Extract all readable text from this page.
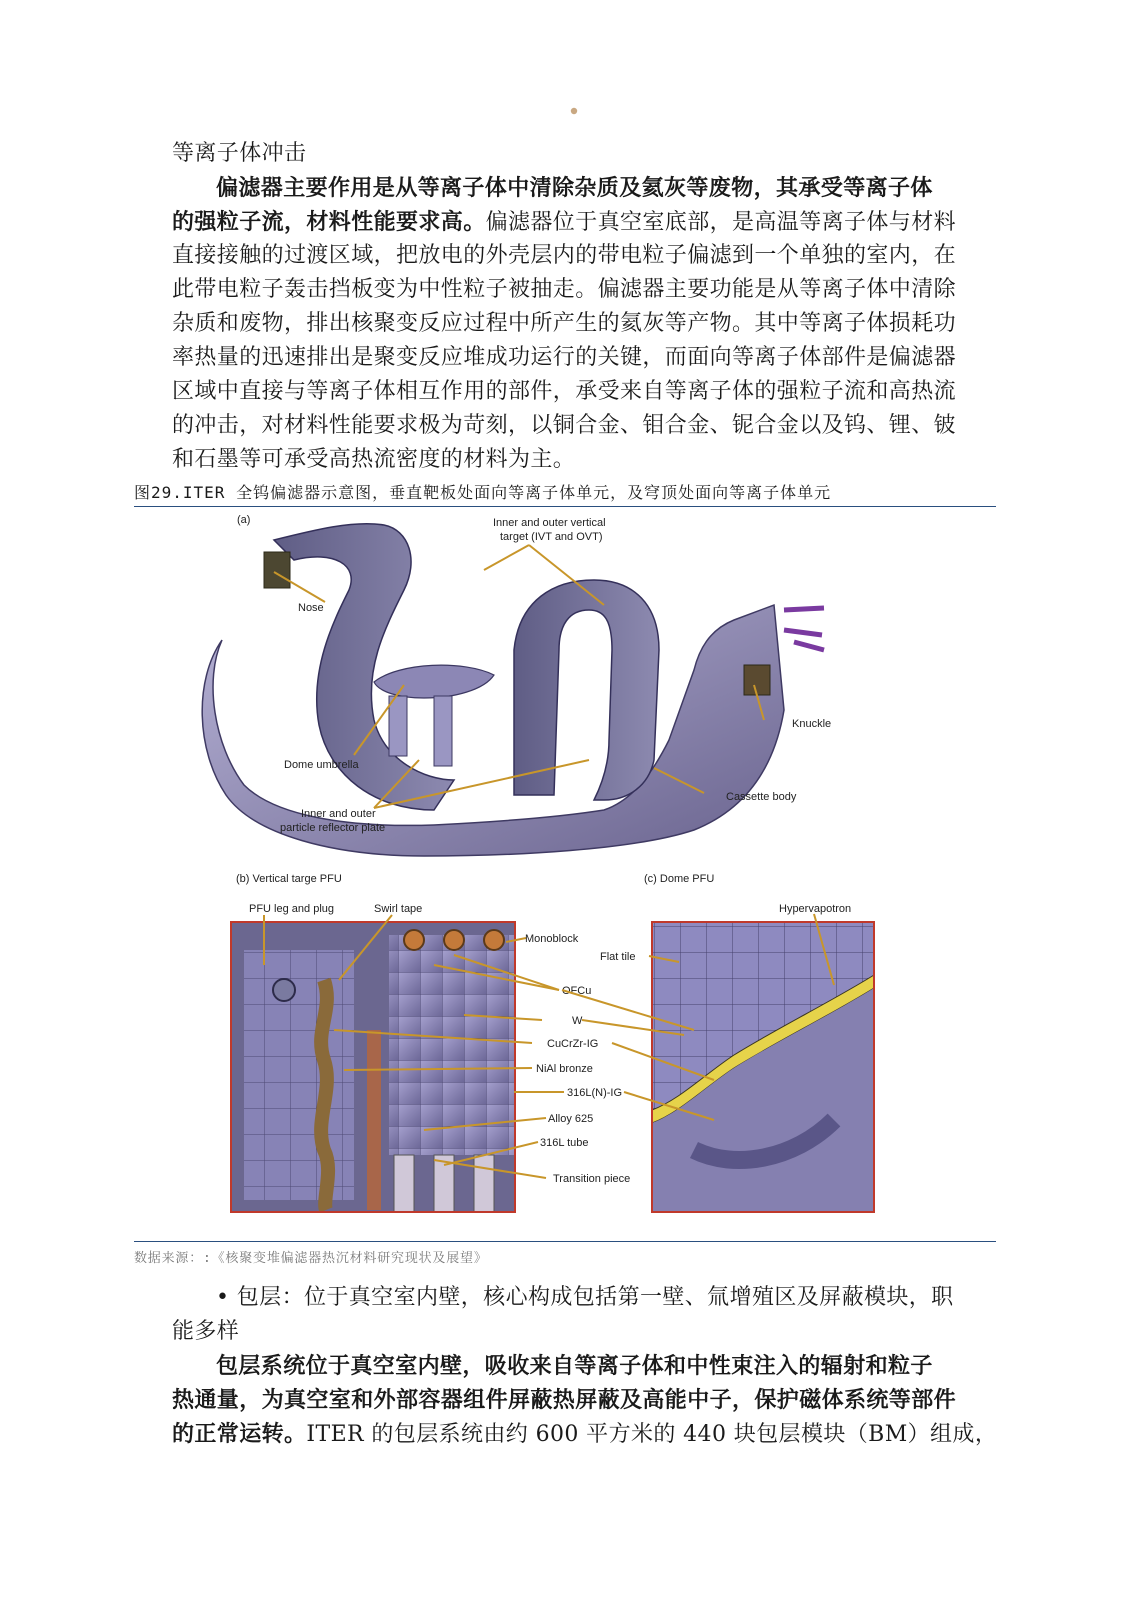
等离子体冲击
偏滤器主要作用是从等离子体中清除杂质及氦灰等废物，其承受等离子体
的强粒子流，材料性能要求高。偏滤器位于真空室底部，是高温等离子体与材料
直接接触的过渡区域，把放电的外壳层内的带电粒子偏滤到一个单独的室内，在
此带电粒子轰击挡板变为中性粒子被抽走。偏滤器主要功能是从等离子体中清除
杂质和废物，排出核聚变反应过程中所产生的氦灰等产物。其中等离子体损耗功
率热量的迅速排出是聚变反应堆成功运行的关键，而面向等离子体部件是偏滤器
区域中直接与等离子体相互作用的部件，承受来自等离子体的强粒子流和高热流
的冲击，对材料性能要求极为苛刻，以铜合金、钼合金、铌合金以及钨、锂、铍
和石墨等可承受高热流密度的材料为主。
图29.ITER 全钨偏滤器示意图，垂直靶板处面向等离子体单元，及穹顶处面向等离子体单元
(a)	Inner and outer vertical
target (IVT and OVT)
Nose
Knuckle
Dome umbrella
Inner and outer
particle reflector plate
Cassette body
(b) Vertical targe PFU
PFU leg and plug	Swirl tape
Monoblock
OFCu
W
CuCrZr-IG
NiAl bronze
316L(N)-IG
Alloy 625
316L tube
Transition piece
(c) Dome PFU
Hypervapotron
Flat tile
数据来源：:《核聚变堆偏滤器热沉材料研究现状及展望》
• 包层：位于真空室内壁，核心构成包括第一壁、氚增殖区及屏蔽模块，职
能多样
包层系统位于真空室内壁，吸收来自等离子体和中性束注入的辐射和粒子
热通量，为真空室和外部容器组件屏蔽热屏蔽及高能中子，保护磁体系统等部件
的正常运转。ITER 的包层系统由约 600 平方米的 440 块包层模块（BM）组成，
